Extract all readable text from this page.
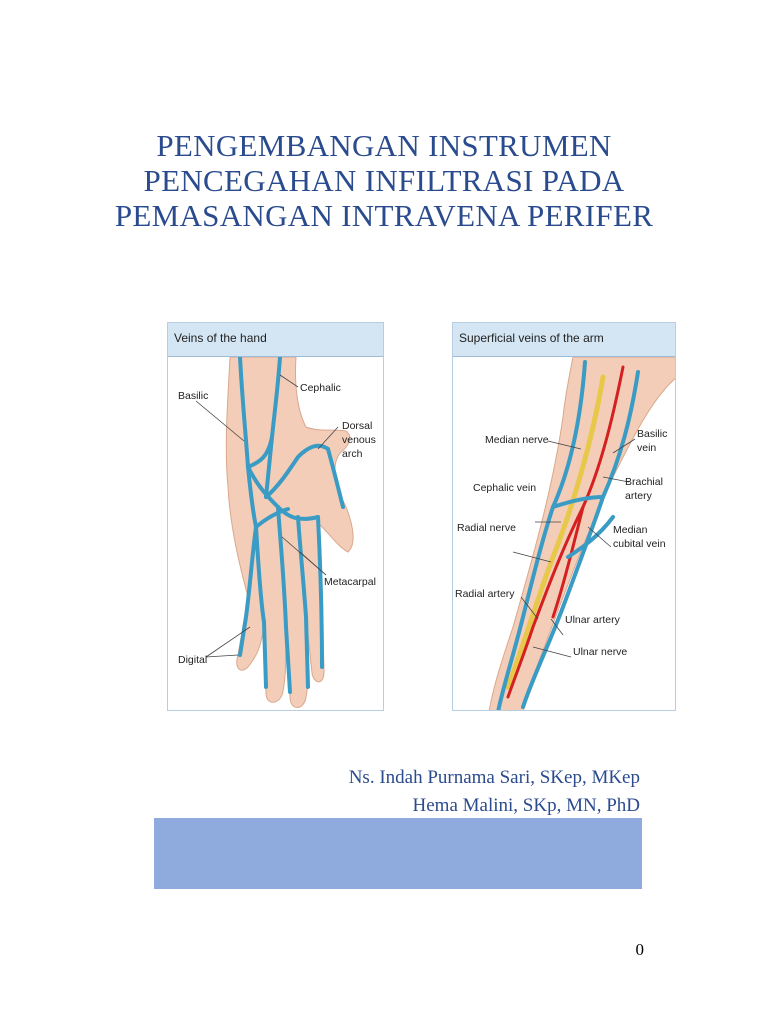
PENGEMBANGAN INSTRUMEN
PENCEGAHAN INFILTRASI PADA
PEMASANGAN INTRAVENA PERIFER
Veins of the hand
Basilic
Cephalic
Dorsal
venous
arch
Metacarpal
Digital
Superficial veins of the arm
Median nerve	Basilic
vein
Brachial
artery
Cephalic vein
Radial nerve	Median
cubital vein
Radial artery
Ulnar artery
Ulnar nerve
Ns. Indah Purnama Sari, SKep, MKep
Hema Malini, SKp, MN, PhD
0
